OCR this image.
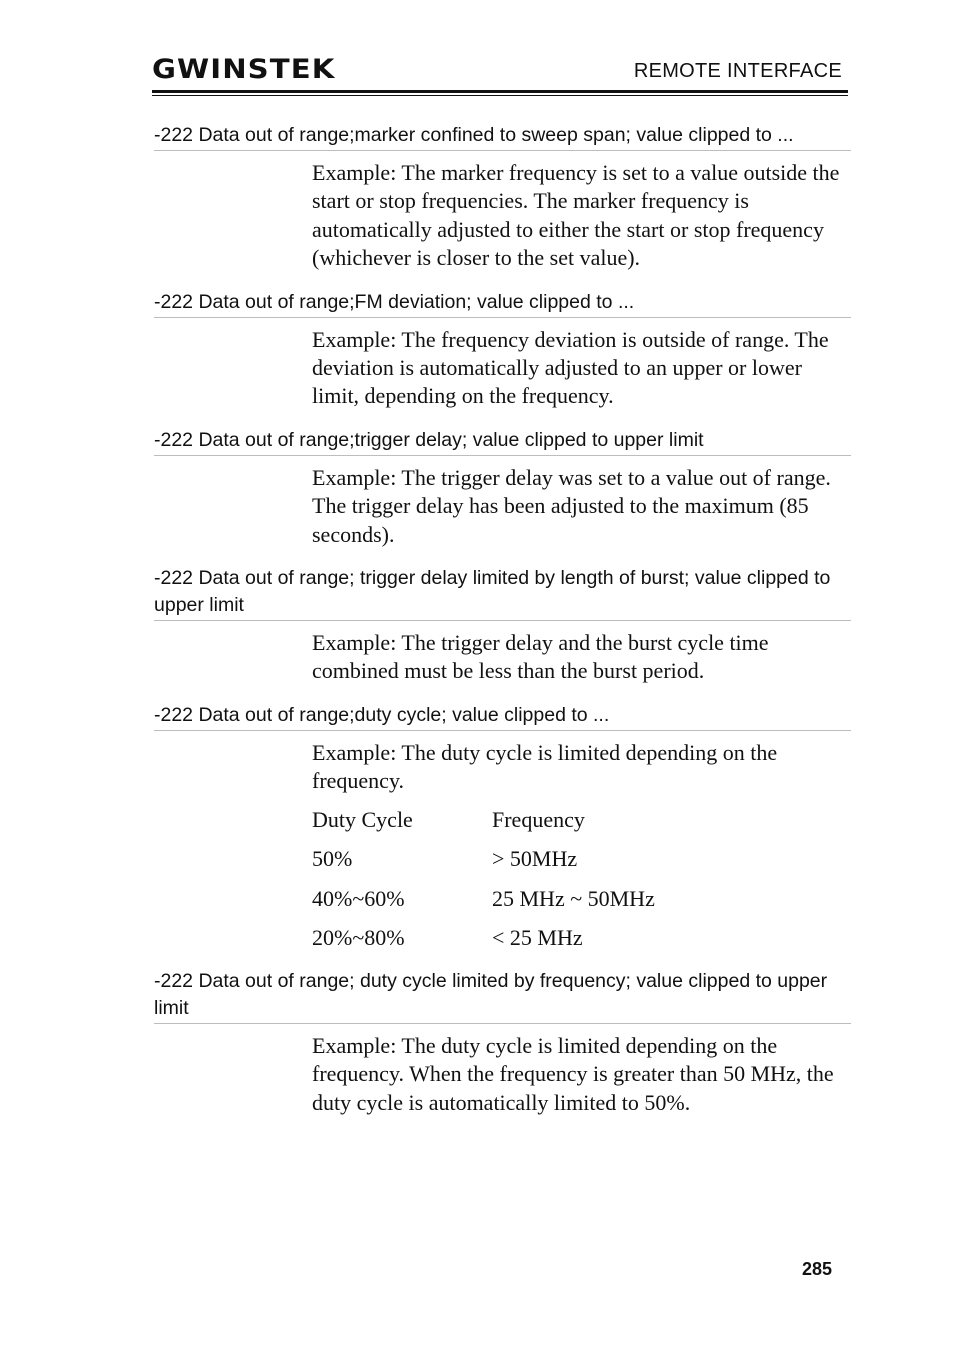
GWINSTEK	REMOTE INTERFACE
-222 Data out of range;marker confined to sweep span; value clipped to ...
Example: The marker frequency is set to a value outside the start or stop frequencies. The marker frequency is automatically adjusted to either the start or stop frequency (whichever is closer to the set value).
-222 Data out of range;FM deviation; value clipped to ...
Example: The frequency deviation is outside of range. The deviation is automatically adjusted to an upper or lower limit, depending on the frequency.
-222 Data out of range;trigger delay; value clipped to upper limit
Example: The trigger delay was set to a value out of range. The trigger delay has been adjusted to the maximum (85 seconds).
-222 Data out of range; trigger delay limited by length of burst; value clipped to upper limit
Example: The trigger delay and the burst cycle time combined must be less than the burst period.
-222 Data out of range;duty cycle; value clipped to ...
Example: The duty cycle is limited depending on the frequency.
Duty Cycle	Frequency
50%	> 50MHz
40%~60%	25 MHz ~ 50MHz
20%~80%	< 25 MHz
-222 Data out of range; duty cycle limited by frequency; value clipped to upper limit
Example: The duty cycle is limited depending on the frequency. When the frequency is greater than 50 MHz, the duty cycle is automatically limited to 50%.
285
